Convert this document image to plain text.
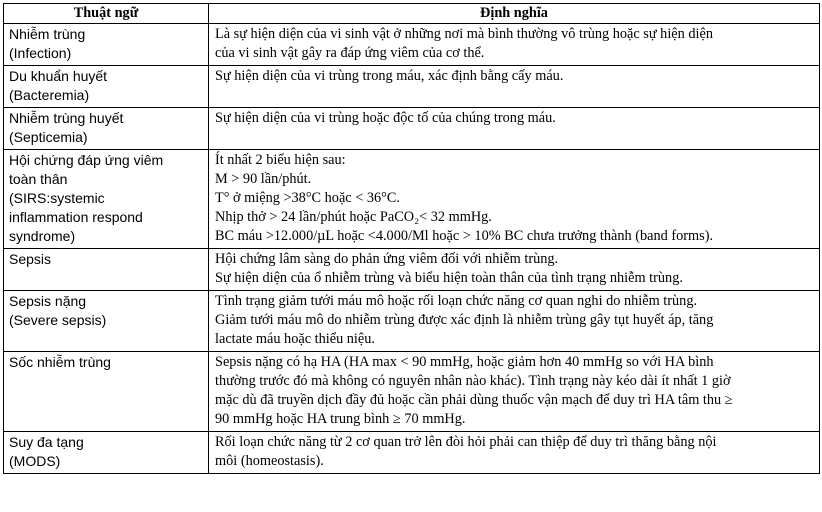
Thuật ngữ	Định nghĩa

Nhiễm trùng
(Infection)	Là sự hiện diện của vi sinh vật ở những nơi mà bình thường vô trùng hoặc sự hiện diện
của vi sinh vật gây ra đáp ứng viêm của cơ thể.

Du khuẩn huyết
(Bacteremia)	Sự hiện diện của vi trùng trong máu, xác định bằng cấy máu.

Nhiễm trùng huyết
(Septicemia)	Sự hiện diện của vi trùng hoặc độc tố của chúng trong máu.

Hội chứng đáp ứng viêm
toàn thân
(SIRS:systemic
inflammation respond
syndrome)	Ít nhất 2 biểu hiện sau:
M > 90 lần/phút.
T° ở miệng >38°C hoặc < 36°C.
Nhịp thở > 24 lần/phút hoặc PaCO₂< 32 mmHg.
BC máu >12.000/µL hoặc <4.000/Ml hoặc > 10% BC chưa trưởng thành (band forms).

Sepsis	Hội chứng lâm sàng do phản ứng viêm đối với nhiễm trùng.
Sự hiện diện của ổ nhiễm trùng và biểu hiện toàn thân của tình trạng nhiễm trùng.

Sepsis nặng
(Severe sepsis)	Tình trạng giảm tưới máu mô hoặc rối loạn chức năng cơ quan nghi do nhiễm trùng.
Giảm tưới máu mô do nhiễm trùng được xác định là nhiễm trùng gây tụt huyết áp, tăng
lactate máu hoặc thiểu niệu.

Sốc nhiễm trùng	Sepsis nặng có hạ HA (HA max < 90 mmHg, hoặc giảm hơn 40 mmHg so với HA bình
thường trước đó mà không có nguyên nhân nào khác). Tình trạng này kéo dài ít nhất 1 giờ
mặc dù đã truyền dịch đầy đủ hoặc cần phải dùng thuốc vận mạch để duy trì HA tâm thu ≥
90 mmHg hoặc HA trung bình ≥ 70 mmHg.

Suy đa tạng
(MODS)	Rối loạn chức năng từ 2 cơ quan trở lên đòi hỏi phải can thiệp để duy trì thăng bằng nội
môi (homeostasis).
